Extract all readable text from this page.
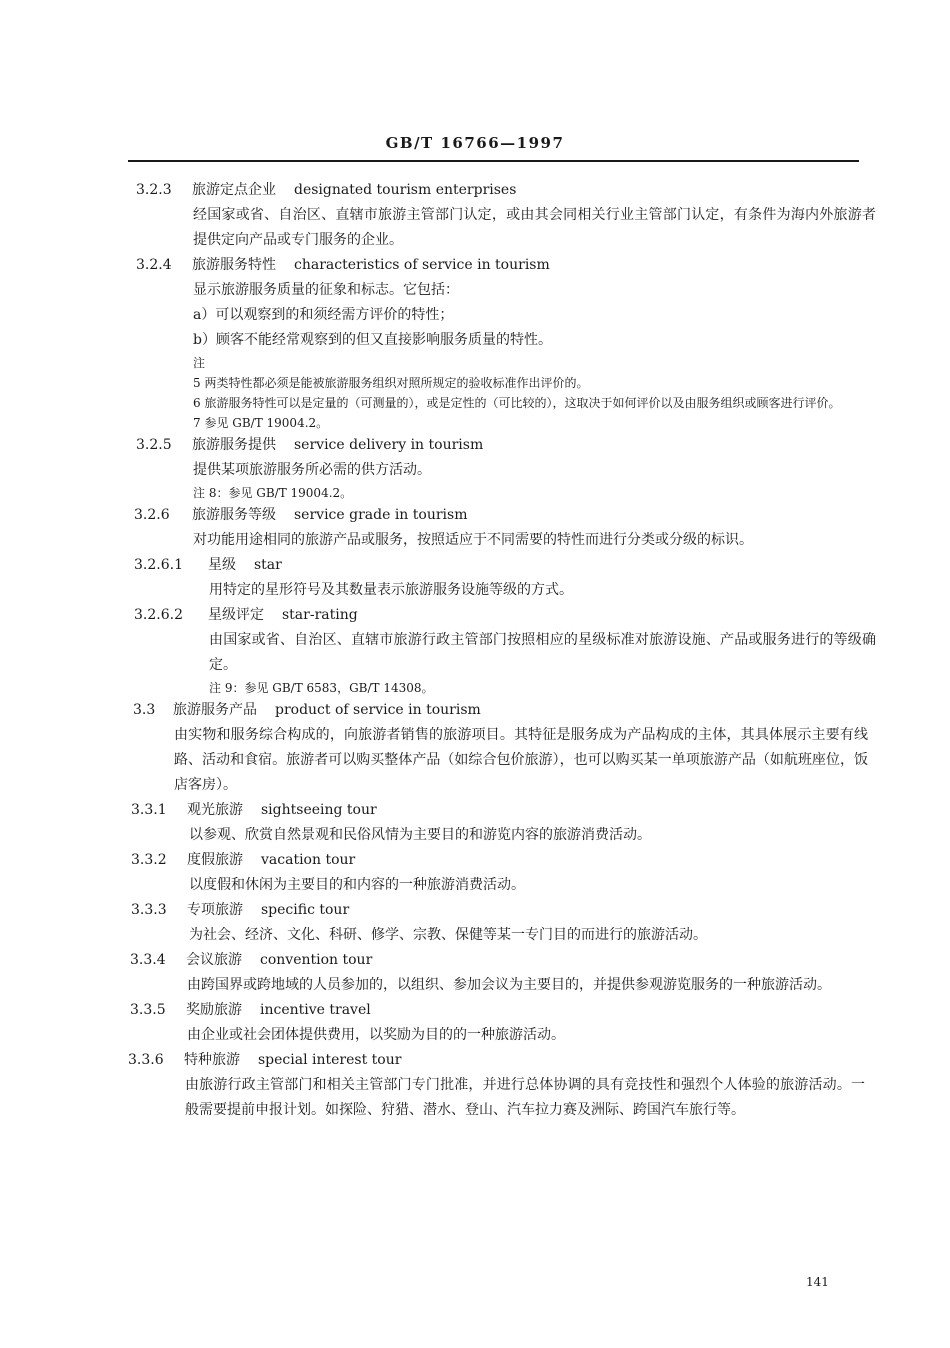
GB/T 16766—1997
3.2.3	旅游定点企业 designated tourism enterprises
经国家或省、自治区、直辖市旅游主管部门认定，或由其会同相关行业主管部门认定，有条件为海内外旅游者提供定向产品或专门服务的企业。
3.2.4	旅游服务特性 characteristics of service in tourism
显示旅游服务质量的征象和标志。它包括：
a）可以观察到的和须经需方评价的特性；
b）顾客不能经常观察到的但又直接影响服务质量的特性。
注
5 两类特性都必须是能被旅游服务组织对照所规定的验收标准作出评价的。
6 旅游服务特性可以是定量的（可测量的），或是定性的（可比较的），这取决于如何评价以及由服务组织或顾客进行评价。
7 参见 GB/T 19004.2。
3.2.5	旅游服务提供 service delivery in tourism
提供某项旅游服务所必需的供方活动。
注 8：参见 GB/T 19004.2。
3.2.6	旅游服务等级 service grade in tourism
对功能用途相同的旅游产品或服务，按照适应于不同需要的特性而进行分类或分级的标识。
3.2.6.1	星级 star
用特定的星形符号及其数量表示旅游服务设施等级的方式。
3.2.6.2	星级评定 star-rating
由国家或省、自治区、直辖市旅游行政主管部门按照相应的星级标准对旅游设施、产品或服务进行的等级确定。
注 9：参见 GB/T 6583，GB/T 14308。
3.3	旅游服务产品 product of service in tourism
由实物和服务综合构成的，向旅游者销售的旅游项目。其特征是服务成为产品构成的主体，其具体展示主要有线路、活动和食宿。旅游者可以购买整体产品（如综合包价旅游），也可以购买某一单项旅游产品（如航班座位，饭店客房）。
3.3.1	观光旅游 sightseeing tour
以参观、欣赏自然景观和民俗风情为主要目的和游览内容的旅游消费活动。
3.3.2	度假旅游 vacation tour
以度假和休闲为主要目的和内容的一种旅游消费活动。
3.3.3	专项旅游 specific tour
为社会、经济、文化、科研、修学、宗教、保健等某一专门目的而进行的旅游活动。
3.3.4	会议旅游 convention tour
由跨国界或跨地域的人员参加的，以组织、参加会议为主要目的，并提供参观游览服务的一种旅游活动。
3.3.5	奖励旅游 incentive travel
由企业或社会团体提供费用，以奖励为目的的一种旅游活动。
3.3.6	特种旅游 special interest tour
由旅游行政主管部门和相关主管部门专门批准，并进行总体协调的具有竞技性和强烈个人体验的旅游活动。一般需要提前申报计划。如探险、狩猎、潜水、登山、汽车拉力赛及洲际、跨国汽车旅行等。
141
